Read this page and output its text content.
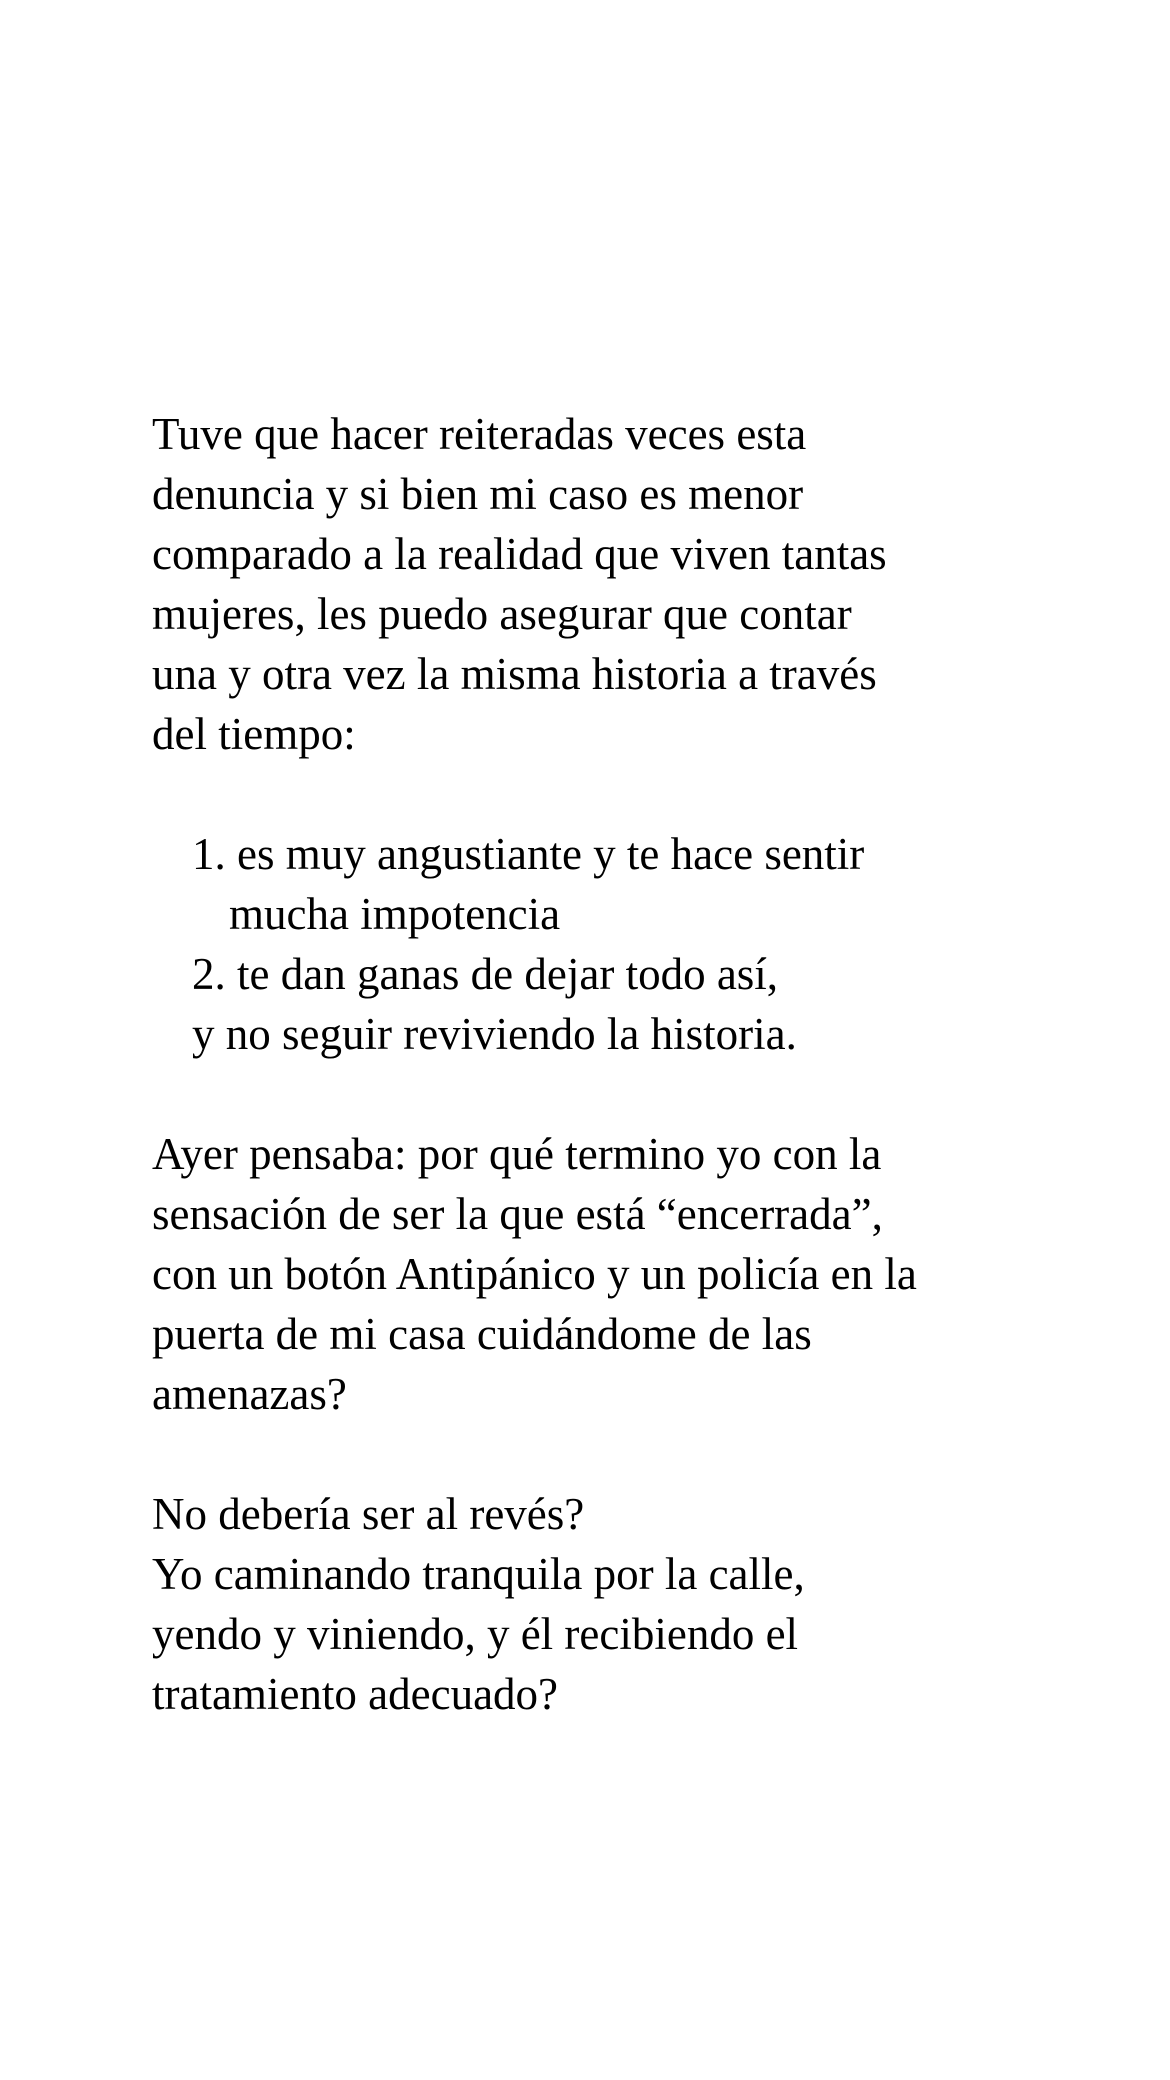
Tuve que hacer reiteradas veces esta
denuncia y si bien mi caso es menor
comparado a la realidad que viven tantas
mujeres, les puedo asegurar que contar
una y otra vez la misma historia a través
del tiempo:
1. es muy angustiante y te hace sentir
mucha impotencia
2. te dan ganas de dejar todo así,
y no seguir reviviendo la historia.
Ayer pensaba: por qué termino yo con la
sensación de ser la que está “encerrada”,
con un botón Antipánico y un policía en la
puerta de mi casa cuidándome de las
amenazas?
No debería ser al revés?
Yo caminando tranquila por la calle,
yendo y viniendo, y él recibiendo el
tratamiento adecuado?
